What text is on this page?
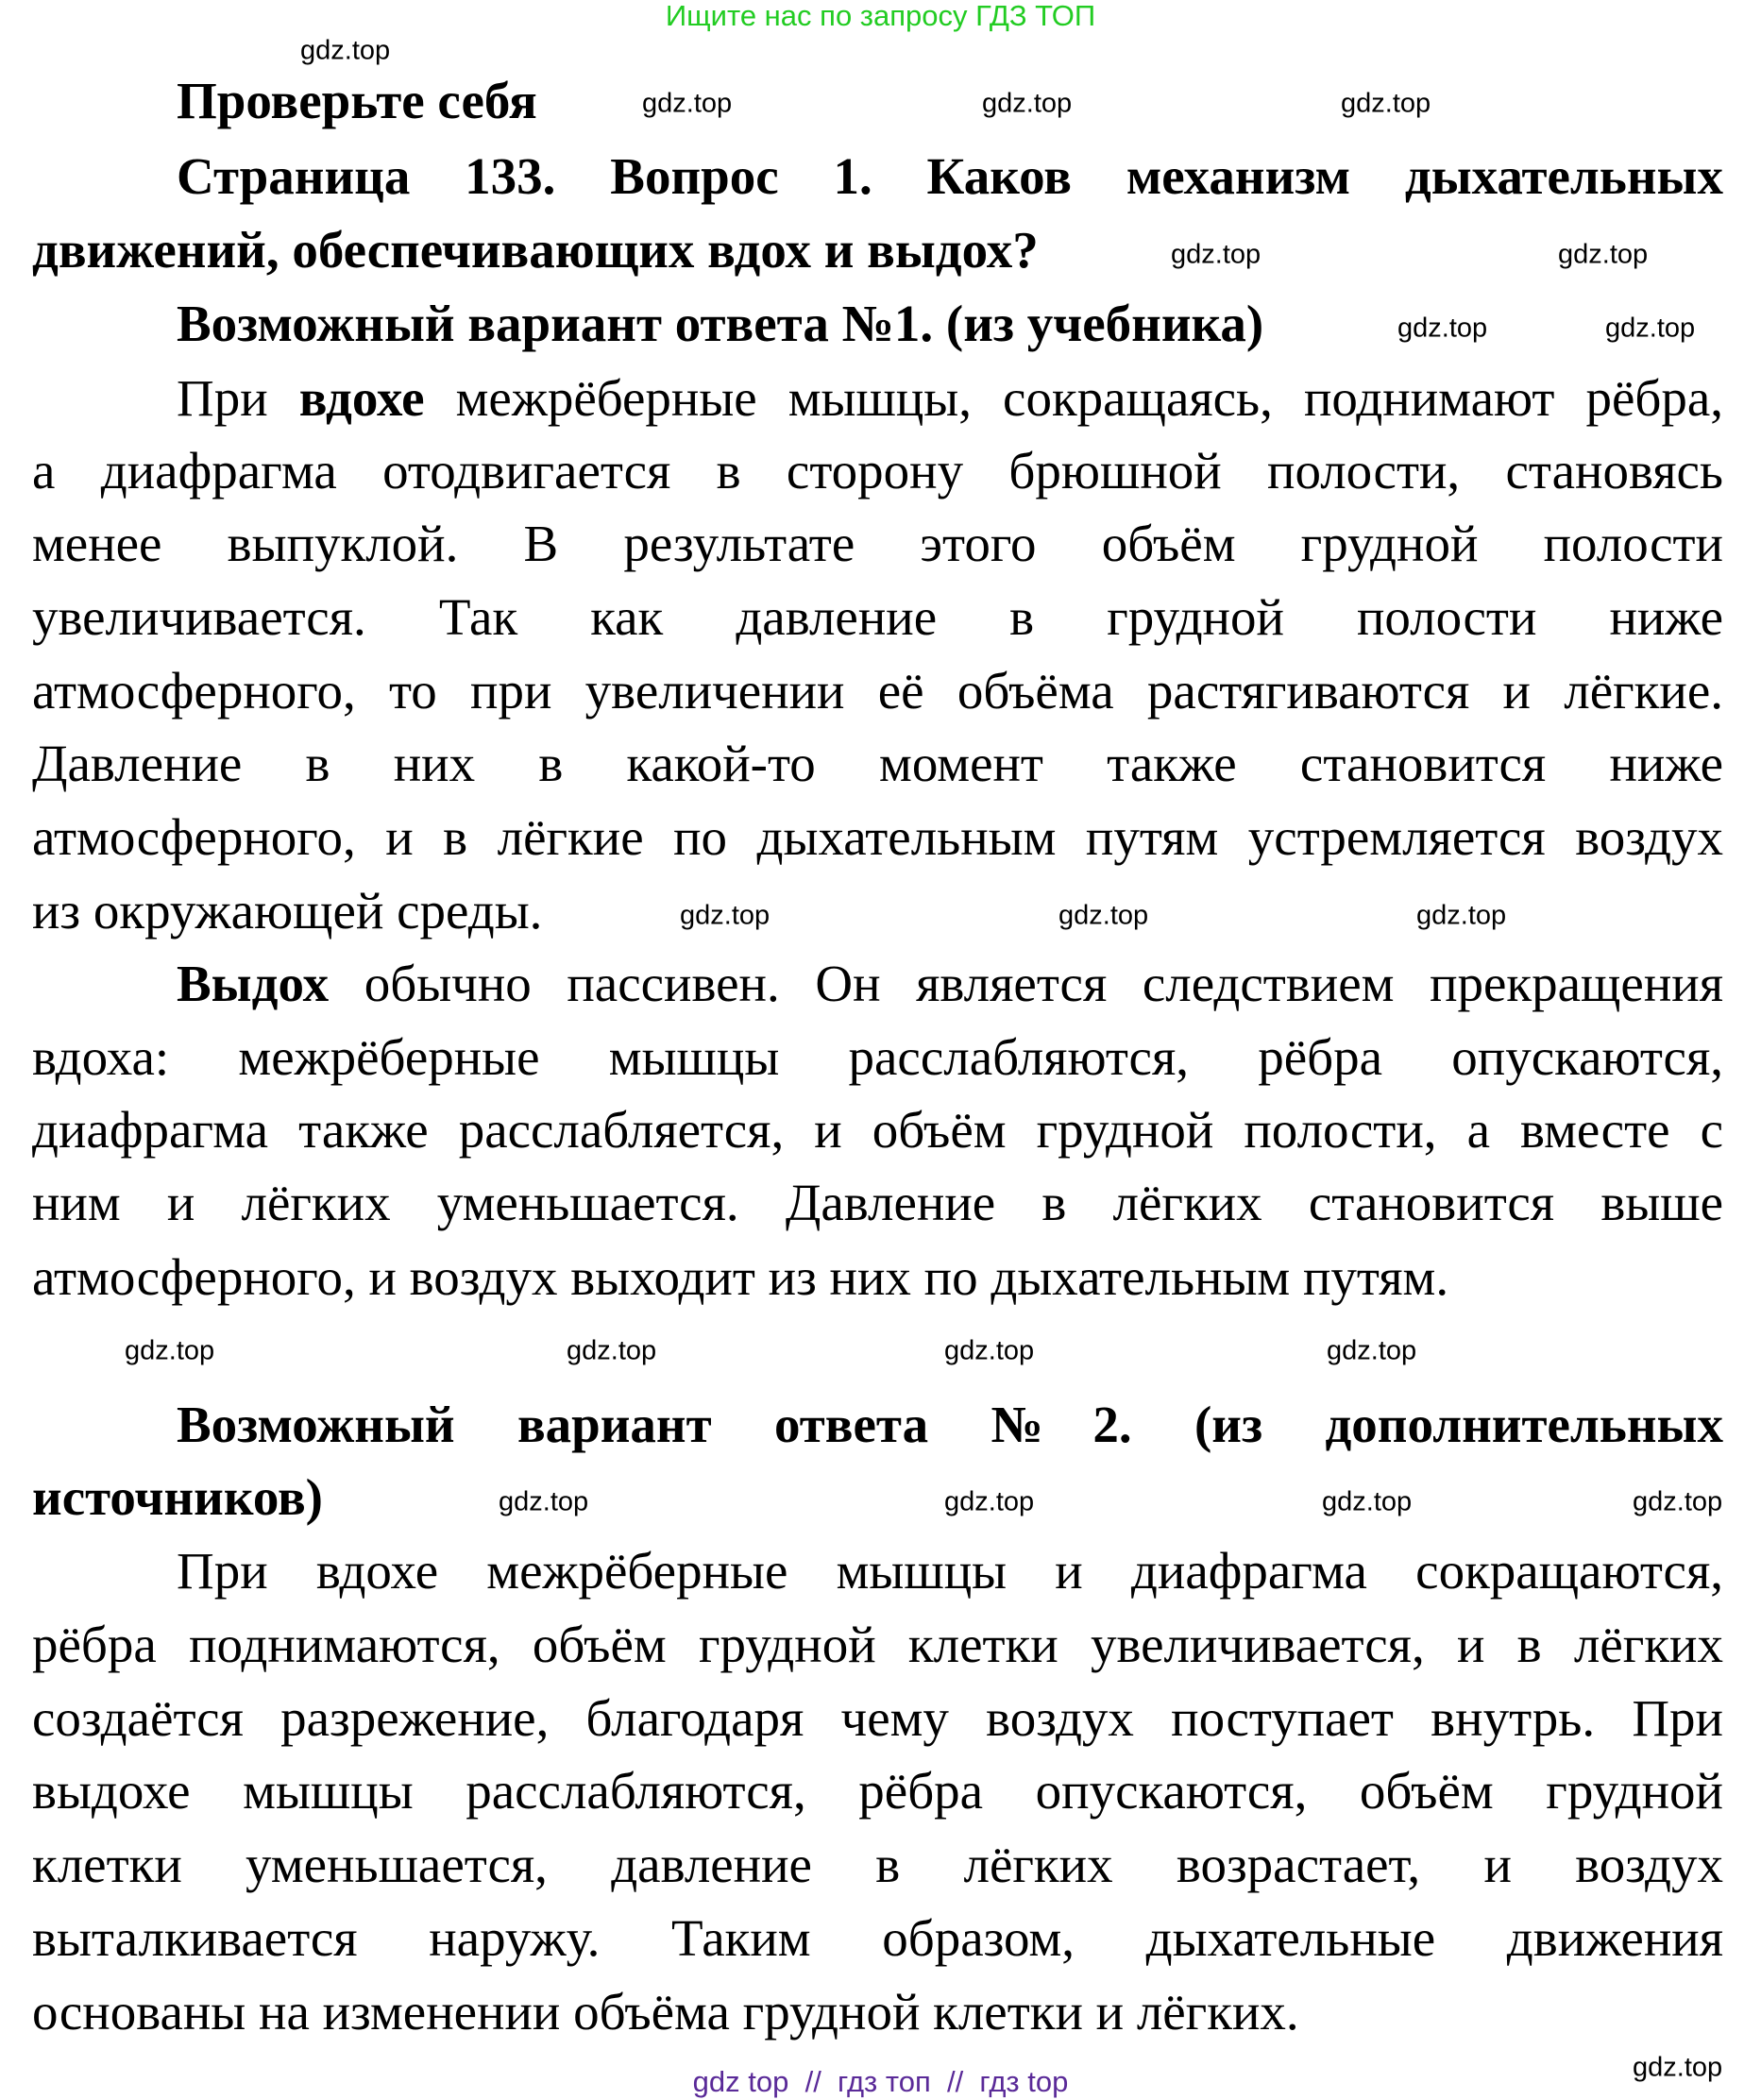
Ищите нас по запросу ГДЗ ТОП
Проверьте себя
Страница 133. Вопрос 1. Каков механизм дыхательных
движений, обеспечивающих вдох и выдох?
Возможный вариант ответа №1. (из учебника)
При вдохе межрёберные мышцы, сокращаясь, поднимают рёбра,
а диафрагма отодвигается в сторону брюшной полости, становясь
менее выпуклой. В результате этого объём грудной полости
увеличивается. Так как давление в грудной полости ниже
атмосферного, то при увеличении её объёма растягиваются и лёгкие.
Давление в них в какой-то момент также становится ниже
атмосферного, и в лёгкие по дыхательным путям устремляется воздух
из окружающей среды.
Выдох обычно пассивен. Он является следствием прекращения
вдоха: межрёберные мышцы расслабляются, рёбра опускаются,
диафрагма также расслабляется, и объём грудной полости, а вместе с
ним и лёгких уменьшается. Давление в лёгких становится выше
атмосферного, и воздух выходит из них по дыхательным путям.
Возможный вариант ответа №2. (из дополнительных
источников)
При вдохе межрёберные мышцы и диафрагма сокращаются,
рёбра поднимаются, объём грудной клетки увеличивается, и в лёгких
создаётся разрежение, благодаря чему воздух поступает внутрь. При
выдохе мышцы расслабляются, рёбра опускаются, объём грудной
клетки уменьшается, давление в лёгких возрастает, и воздух
выталкивается наружу. Таким образом, дыхательные движения
основаны на изменении объёма грудной клетки и лёгких.
gdz.top
gdz.top	gdz.top	gdz.top
gdz.top	gdz.top
gdz.top	gdz.top
gdz.top	gdz.top	gdz.top
gdz.top	gdz.top	gdz.top	gdz.top
gdz.top	gdz.top	gdz.top	gdz.top
gdz.top
gdz top  //  гдз топ  //  гдз top
